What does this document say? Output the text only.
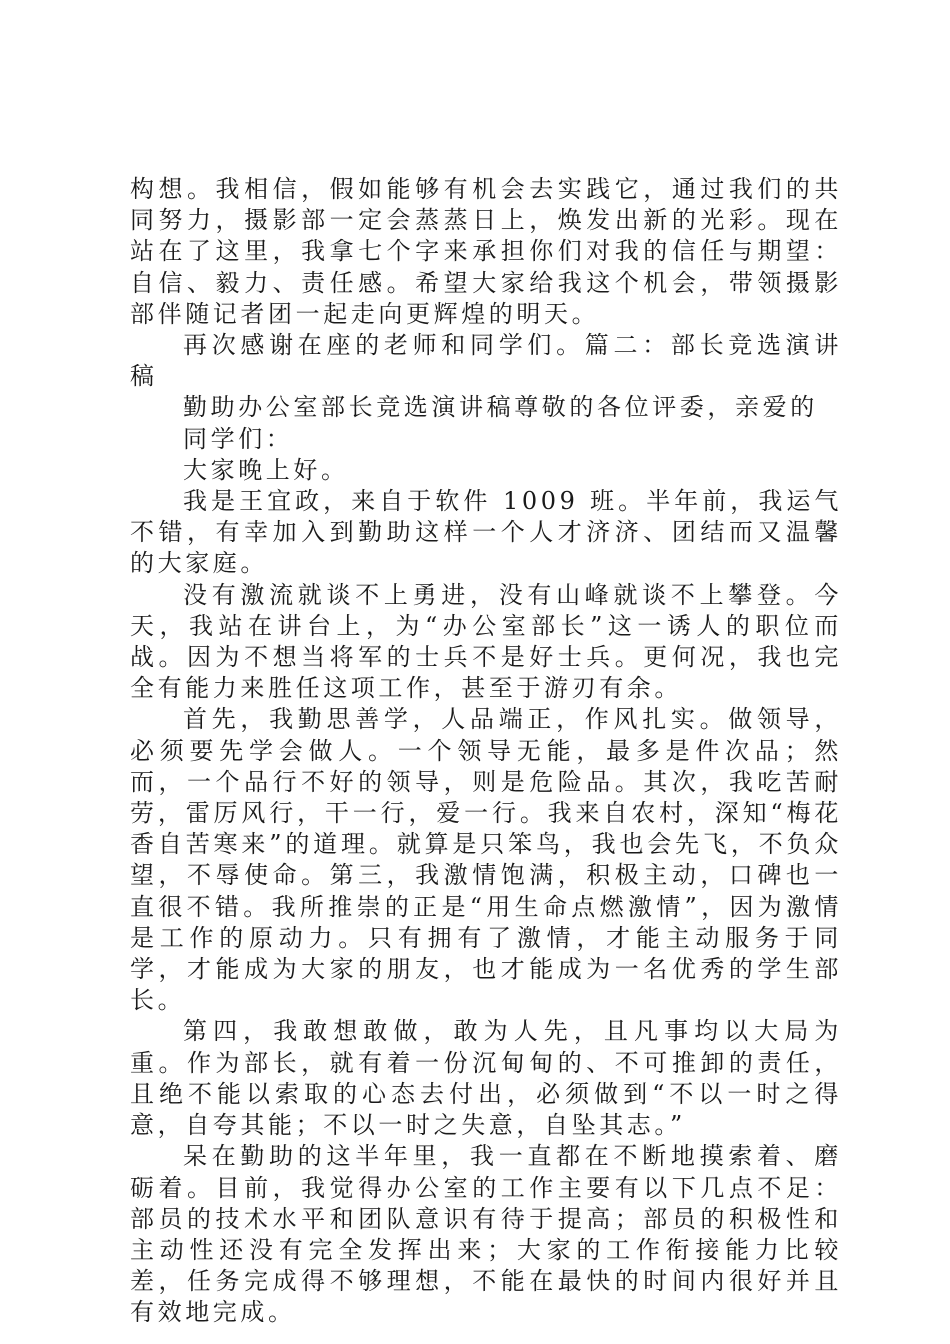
构想。我相信，假如能够有机会去实践它，通过我们的共同努力，摄影部一定会蒸蒸日上，焕发出新的光彩。现在站在了这里，我拿七个字来承担你们对我的信任与期望：自信、毅力、责任感。希望大家给我这个机会，带领摄影部伴随记者团一起走向更辉煌的明天。

再次感谢在座的老师和同学们。篇二：部长竞选演讲稿

勤助办公室部长竞选演讲稿尊敬的各位评委，亲爱的

同学们：

大家晚上好。

我是王宜政，来自于软件 1009 班。半年前，我运气不错，有幸加入到勤助这样一个人才济济、团结而又温馨的大家庭。

没有激流就谈不上勇进，没有山峰就谈不上攀登。今天，我站在讲台上，为“办公室部长”这一诱人的职位而战。因为不想当将军的士兵不是好士兵。更何况，我也完全有能力来胜任这项工作，甚至于游刃有余。

首先，我勤思善学，人品端正，作风扎实。做领导，必须要先学会做人。一个领导无能，最多是件次品；然而，一个品行不好的领导，则是危险品。其次，我吃苦耐劳，雷厉风行，干一行，爱一行。我来自农村，深知“梅花香自苦寒来”的道理。就算是只笨鸟，我也会先飞，不负众望，不辱使命。第三，我激情饱满，积极主动，口碑也一直很不错。我所推崇的正是“用生命点燃激情”，因为激情是工作的原动力。只有拥有了激情，才能主动服务于同学，才能成为大家的朋友，也才能成为一名优秀的学生部长。

第四，我敢想敢做，敢为人先，且凡事均以大局为重。作为部长，就有着一份沉甸甸的、不可推卸的责任，且绝不能以索取的心态去付出，必须做到“不以一时之得意，自夸其能；不以一时之失意，自坠其志。”

呆在勤助的这半年里，我一直都在不断地摸索着、磨砺着。目前，我觉得办公室的工作主要有以下几点不足：部员的技术水平和团队意识有待于提高；部员的积极性和主动性还没有完全发挥出来；大家的工作衔接能力比较差，任务完成得不够理想，不能在最快的时间内很好并且有效地完成。
